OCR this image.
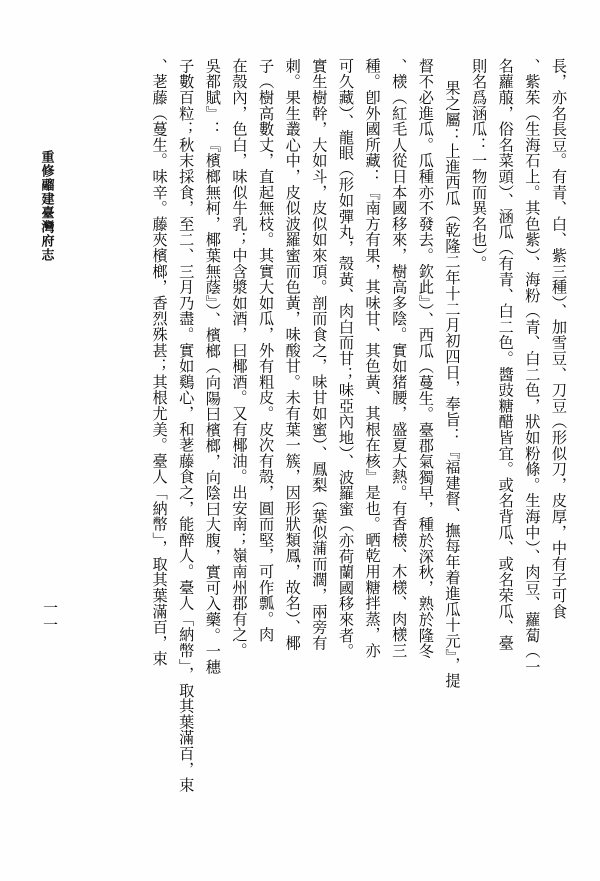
重修鬸建臺灣府志
一一	長，亦名長豆。有青、白、紫三種）、加雪豆、刀豆（形似刀，皮厚，中有子可食
、紫茱（生海石上。其色紫）、海粉（青、白二色，狀如粉條。生海中）、肉豆、蘿蔔（一
名蘿菔，俗名菜頭）、涵瓜（有青、白二色。醬豉糖醋皆宜。或名背瓜、或名荣瓜、臺
則名爲涵瓜：一物而異名也）。
果之屬：上進西瓜（乾隆二年十二月初四日，奉旨：『福建督、撫每年着進瓜十元』，提
督不必進瓜。瓜種亦不發去。欽此』）、西瓜（蔓生。臺郡氣獨早，種於深秋，熟於隆冬
、檨（紅毛人從日本國移來，樹高多陰。實如猪腰，盛夏大熱。有香檨、木檨、肉檨三
種。卽外國所藏：『南方有果，其味甘、其色黃、其根在核』是也。晒乾用糖拌蒸，亦
可久藏）、龍眼（形如彈丸，殼黃、肉白而甘；味亞內地）、波羅蜜（亦荷蘭國移來者。
實生樹幹，大如斗，皮似如來頂。剖而食之，味甘如蜜）、鳳梨（葉似蒲而濶，兩旁有
刺。果生叢心中，皮似波羅蜜而色黃，味酸甘。未有葉一簇，因形狀類鳳，故名）、椰
子（樹高數丈，直起無枝。其實大如瓜，外有粗皮。皮次有殼，圓而堅，可作瓢。肉
在殼內，色白，味似牛乳；中含漿如酒，曰椰酒。又有椰油。出安南；嶺南州郡有之。
吳都賦』：『檳榔無柯，椰葉無蔭』）、檳榔（向陽曰檳榔，向陰曰大腹，實可入藥。一穗
子數百粒；秋末採食，至二、三月乃盡。實如鷄心，和荖藤食之，能醉人。臺人「納幣」，取其葉滿百，束
、荖藤（蔓生。味辛。藤夾檳榔，香烈殊甚；其根尤美。臺人「納幣」，取其葉滿百，束
